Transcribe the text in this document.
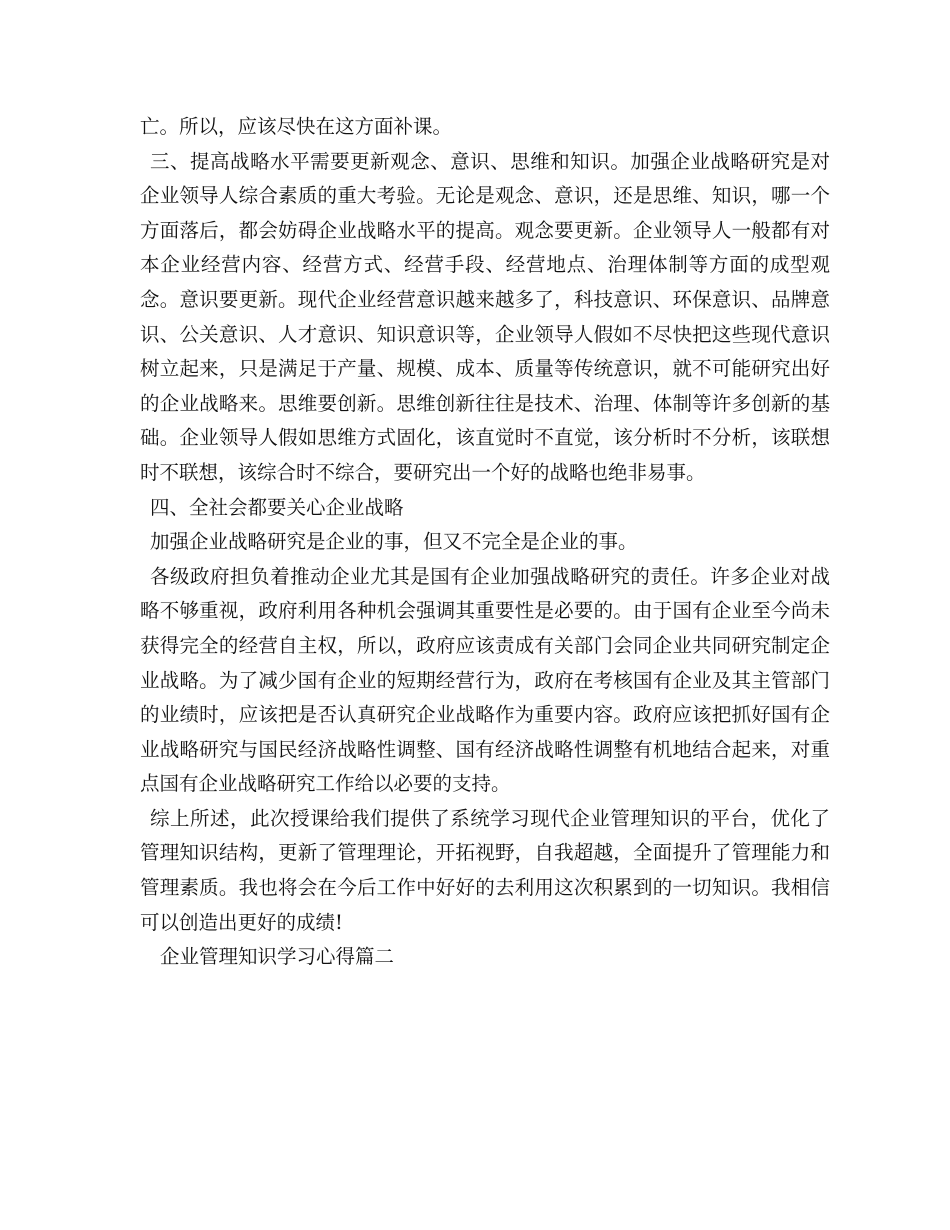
亡。所以，应该尽快在这方面补课。

三、提高战略水平需要更新观念、意识、思维和知识。加强企业战略研究是对企业领导人综合素质的重大考验。无论是观念、意识，还是思维、知识，哪一个方面落后，都会妨碍企业战略水平的提高。观念要更新。企业领导人一般都有对本企业经营内容、经营方式、经营手段、经营地点、治理体制等方面的成型观念。意识要更新。现代企业经营意识越来越多了，科技意识、环保意识、品牌意识、公关意识、人才意识、知识意识等，企业领导人假如不尽快把这些现代意识树立起来，只是满足于产量、规模、成本、质量等传统意识，就不可能研究出好的企业战略来。思维要创新。思维创新往往是技术、治理、体制等许多创新的基础。企业领导人假如思维方式固化，该直觉时不直觉，该分析时不分析，该联想时不联想，该综合时不综合，要研究出一个好的战略也绝非易事。

四、全社会都要关心企业战略

加强企业战略研究是企业的事，但又不完全是企业的事。

各级政府担负着推动企业尤其是国有企业加强战略研究的责任。许多企业对战略不够重视，政府利用各种机会强调其重要性是必要的。由于国有企业至今尚未获得完全的经营自主权，所以，政府应该责成有关部门会同企业共同研究制定企业战略。为了减少国有企业的短期经营行为，政府在考核国有企业及其主管部门的业绩时，应该把是否认真研究企业战略作为重要内容。政府应该把抓好国有企业战略研究与国民经济战略性调整、国有经济战略性调整有机地结合起来，对重点国有企业战略研究工作给以必要的支持。

综上所述，此次授课给我们提供了系统学习现代企业管理知识的平台，优化了管理知识结构，更新了管理理论，开拓视野，自我超越，全面提升了管理能力和管理素质。我也将会在今后工作中好好的去利用这次积累到的一切知识。我相信 可以创造出更好的成绩!

企业管理知识学习心得篇二
